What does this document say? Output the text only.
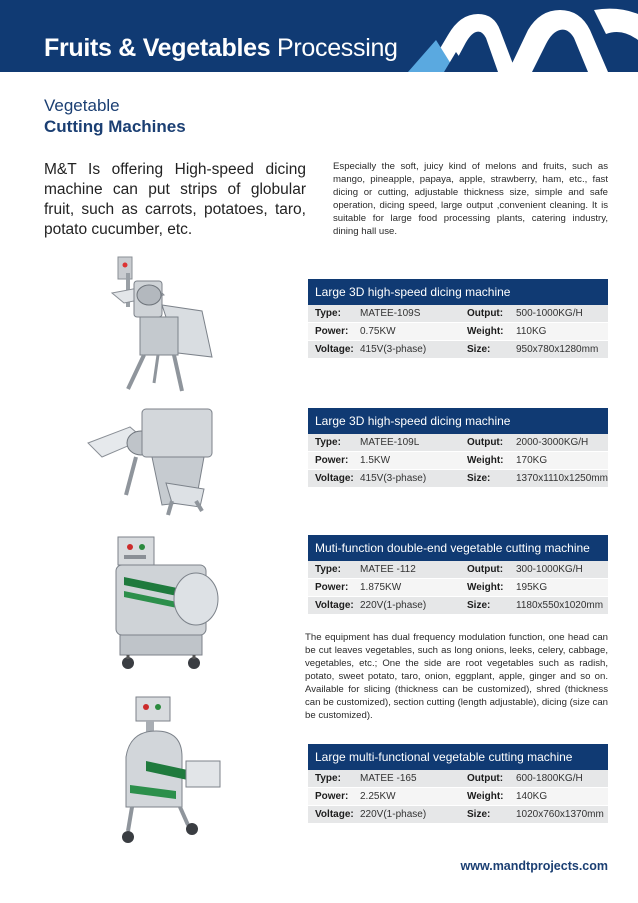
Fruits & Vegetables Processing
Vegetable
Cutting Machines
M&T Is offering High-speed dicing machine can put strips of globular fruit, such as carrots, potatoes, taro, potato cucumber, etc.
Especially the soft, juicy kind of melons and fruits, such as mango, pineapple, papaya, apple, strawberry, ham, etc., fast dicing or cutting, adjustable thickness size, simple and safe operation, dicing speed, large output ,convenient cleaning. It is suitable for large food processing plants, catering industry, dining hall use.
Large 3D high-speed dicing machine
Type:	MATEE-109S	Output:	500-1000KG/H
Power:	0.75KW	Weight:	110KG
Voltage: 415V(3-phase)	Size:	950x780x1280mm
Large 3D high-speed dicing machine
Type:	MATEE-109L	Output:	2000-3000KG/H
Power:	1.5KW	Weight:	170KG
Voltage: 415V(3-phase)	Size:	1370x1110x1250mm
Muti-function double-end vegetable cutting machine
Type:	MATEE -112	Output:	300-1000KG/H
Power:	1.875KW	Weight:	195KG
Voltage: 220V(1-phase)	Size:	1180x550x1020mm
The equipment has dual frequency modulation function, one head can be cut leaves vegetables, such as long onions, leeks, celery, cabbage, vegetables, etc.; One the side are root vegetables such as radish, potato, sweet potato, taro, onion, eggplant, apple, ginger and so on. Available for slicing (thickness can be customized), shred (thickness can be customized), section cutting (length adjustable), dicing (size can be customized).
Large multi-functional vegetable cutting machine
Type:	MATEE -165	Output:	600-1800KG/H
Power:	2.25KW	Weight:	140KG
Voltage: 220V(1-phase)	Size:	1020x760x1370mm
www.mandtprojects.com
